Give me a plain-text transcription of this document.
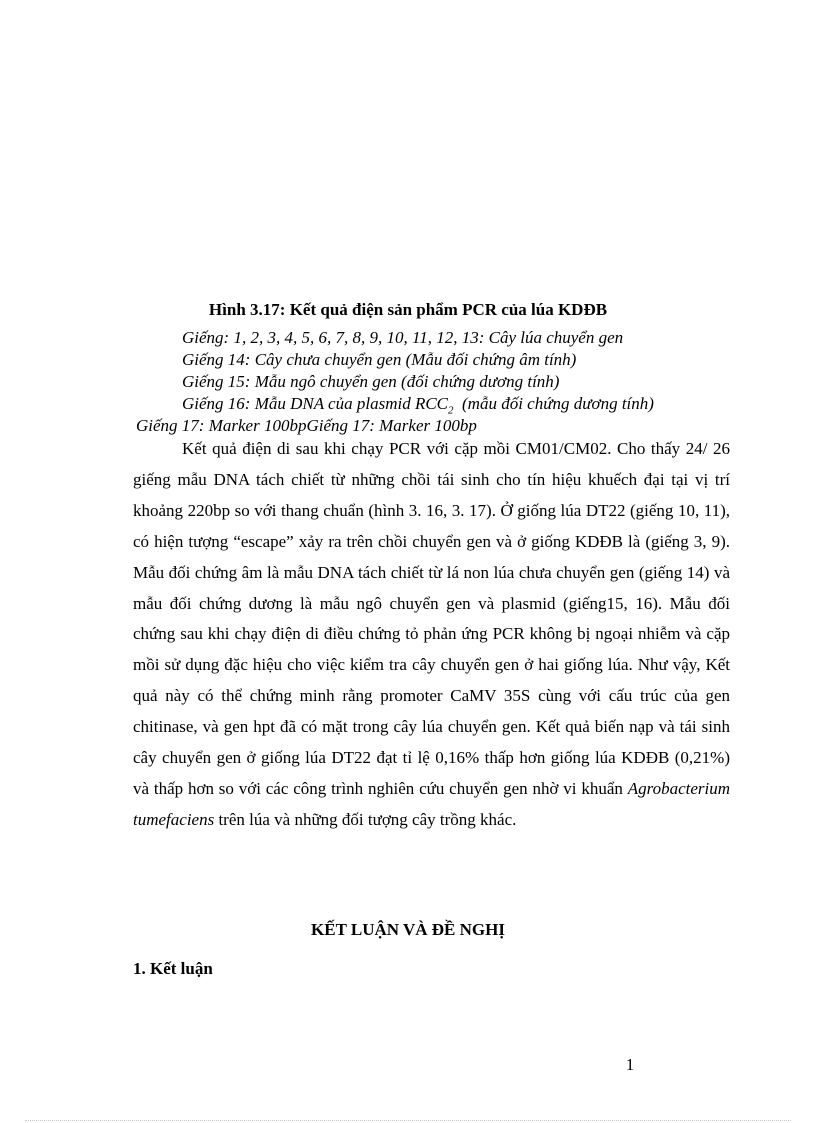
Hình 3.17: Kết quả điện sản phẩm PCR của lúa KDĐB
Giếng: 1, 2, 3, 4, 5, 6, 7, 8, 9, 10, 11, 12, 13: Cây lúa chuyển gen
Giếng 14: Cây chưa chuyển gen (Mẫu đối chứng âm tính)
Giếng 15: Mẫu ngô chuyển gen (đối chứng dương tính)
Giếng 16: Mẫu DNA của plasmid $RCC_2$ (mẫu đối chứng dương tính)
Giếng 17: Marker 100bpGiếng 17: Marker 100bp

Kết quả điện di sau khi chạy PCR với cặp mồi CM01/CM02. Cho thấy 24/ 26 giếng mẫu DNA tách chiết từ những chồi tái sinh cho tín hiệu khuếch đại tại vị trí khoảng 220bp so với thang chuẩn (hình 3. 16, 3. 17). Ở giống lúa DT22 (giếng 10, 11), có hiện tượng “escape” xảy ra trên chồi chuyển gen và ở giống KDĐB là (giếng 3, 9). Mẫu đối chứng âm là mẫu DNA tách chiết từ lá non lúa chưa chuyển gen (giếng 14) và mẫu đối chứng dương là mẫu ngô chuyển gen và plasmid (giếng15, 16). Mẫu đối chứng sau khi chạy điện di điều chứng tỏ phản ứng PCR không bị ngoại nhiễm và cặp mồi sử dụng đặc hiệu cho việc kiểm tra cây chuyển gen ở hai giống lúa. Như vậy, Kết quả này có thể chứng minh rằng promoter CaMV 35S cùng với cấu trúc của gen chitinase, và gen hpt đã có mặt trong cây lúa chuyển gen. Kết quả biến nạp và tái sinh cây chuyển gen ở giống lúa DT22 đạt tỉ lệ 0,16% thấp hơn giống lúa KDĐB (0,21%) và thấp hơn so với các công trình nghiên cứu chuyển gen nhờ vi khuẩn Agrobacterium tumefaciens trên lúa và những đối tượng cây trồng khác.

KẾT LUẬN VÀ ĐỀ NGHỊ
1. Kết luận
1
